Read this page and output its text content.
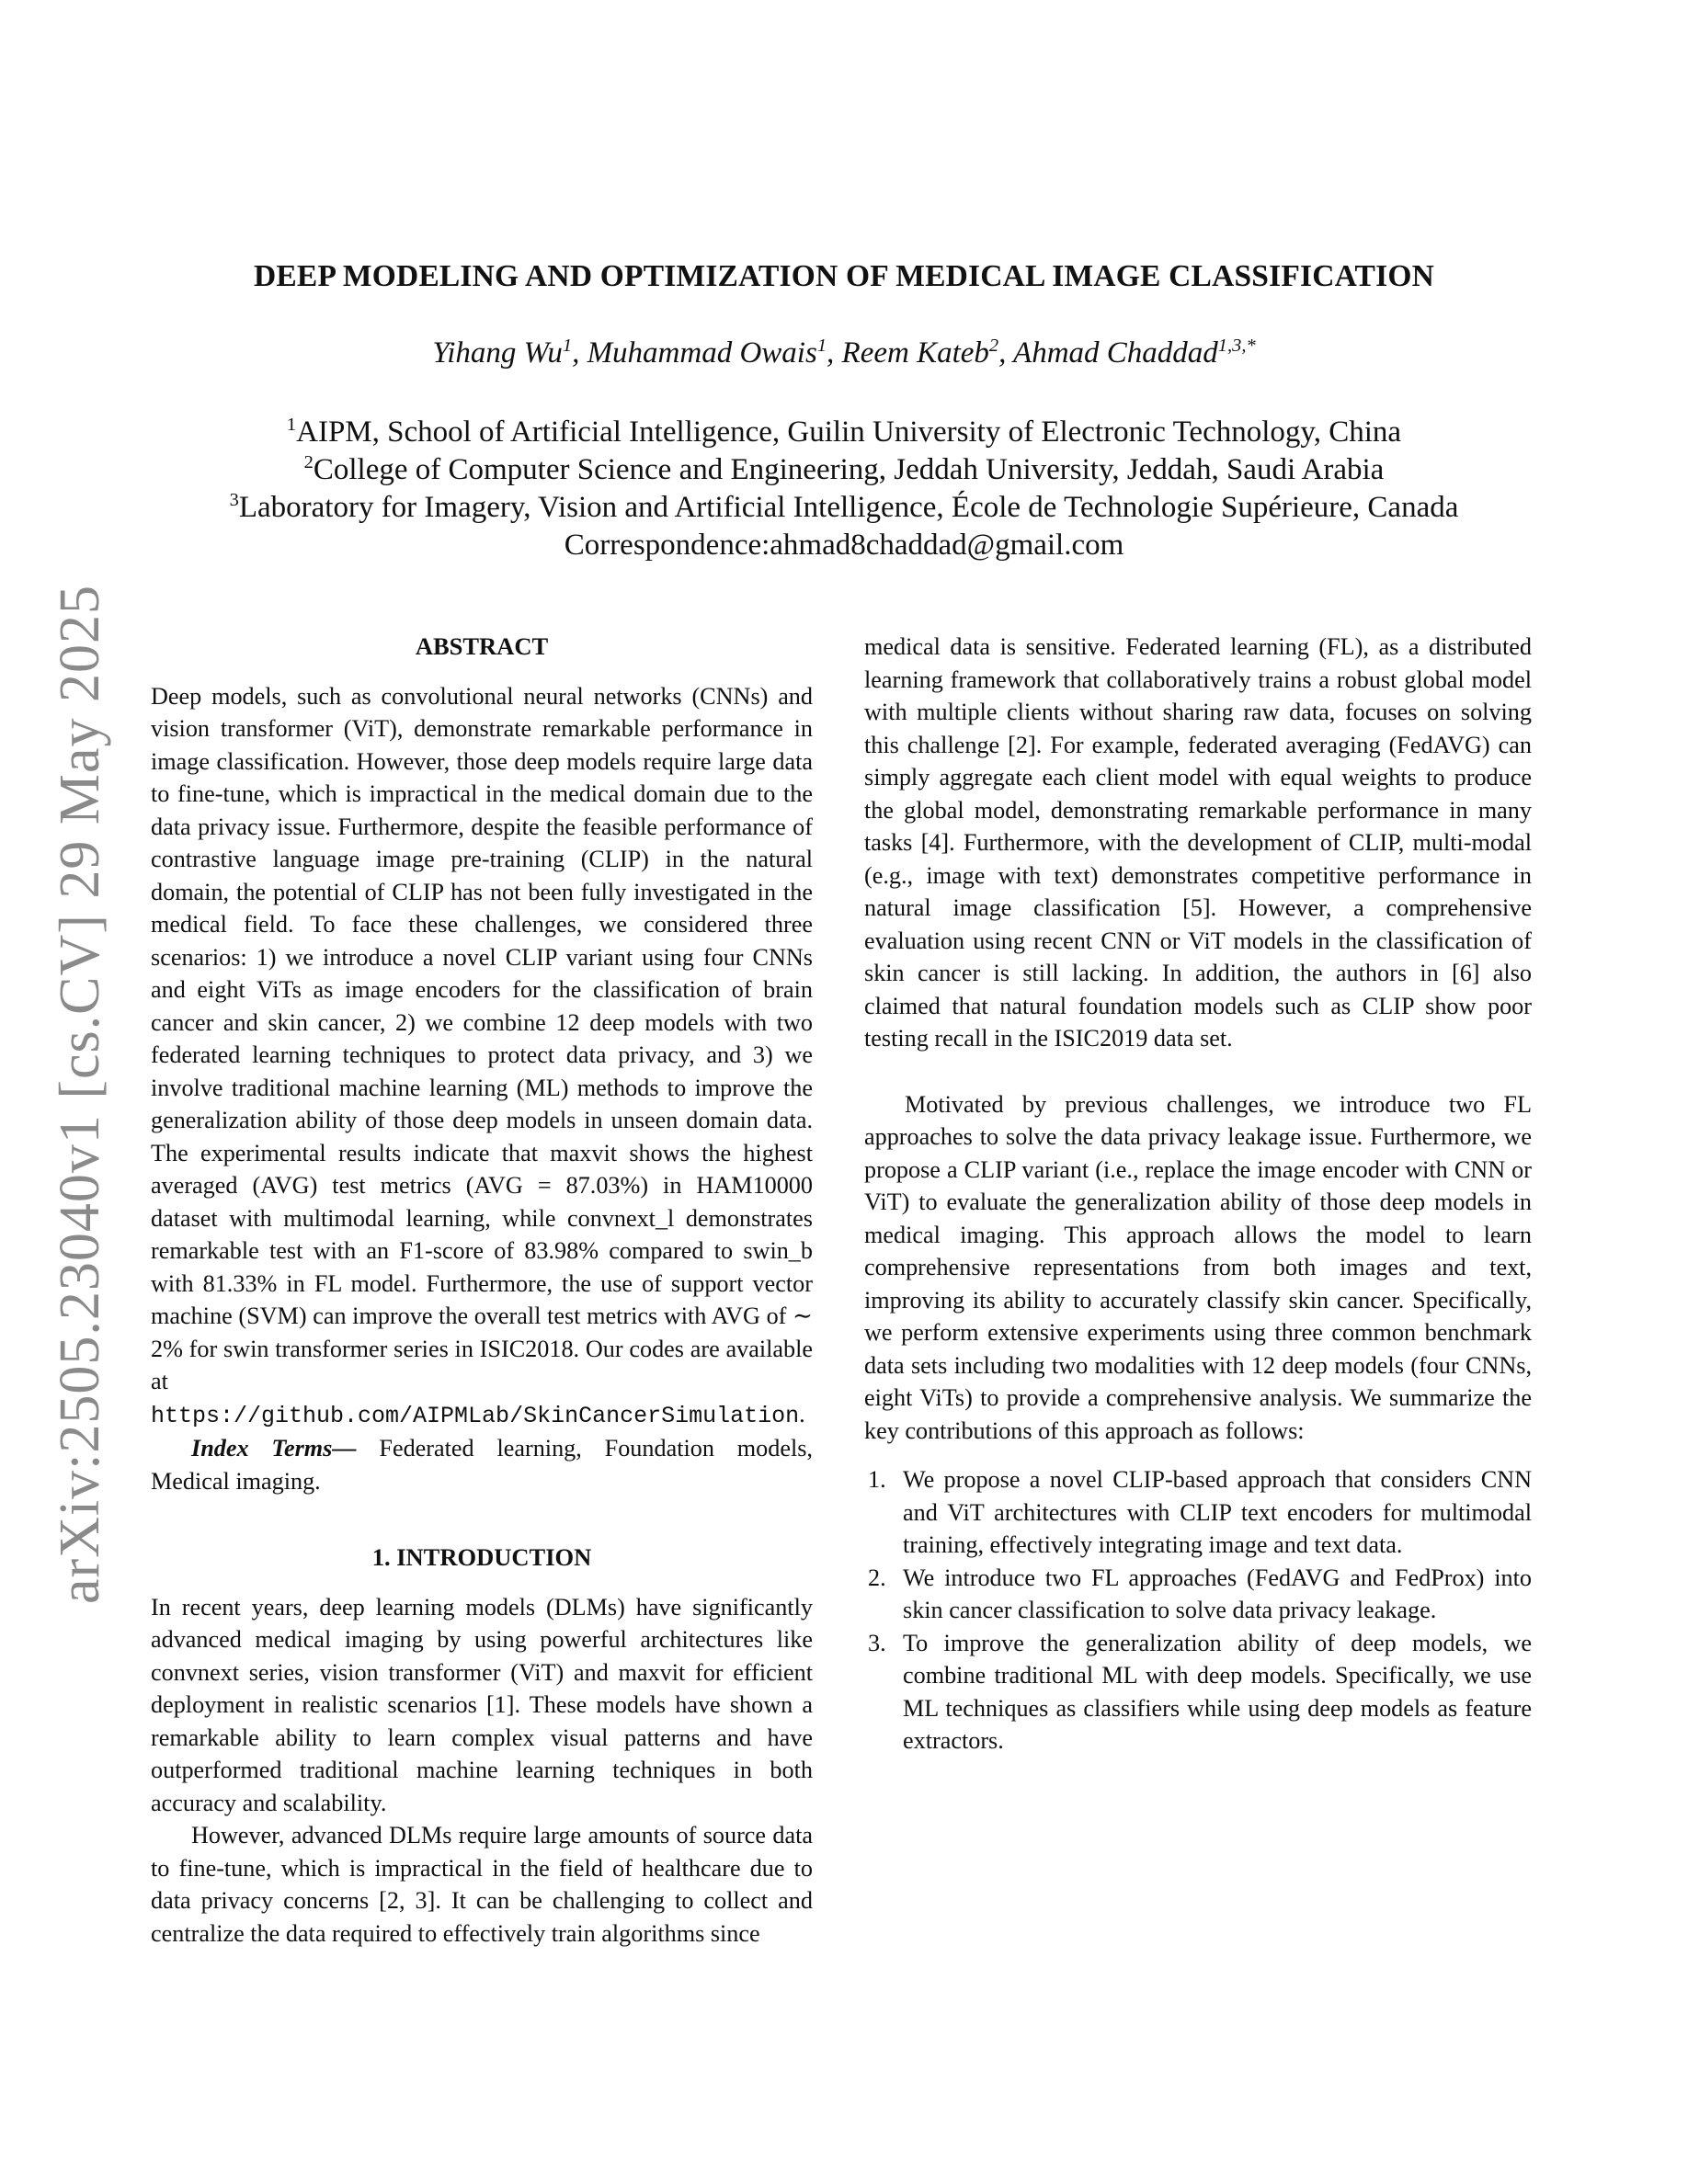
arXiv:2505.23040v1 [cs.CV] 29 May 2025
DEEP MODELING AND OPTIMIZATION OF MEDICAL IMAGE CLASSIFICATION
Yihang Wu$^1$, Muhammad Owais$^1$, Reem Kateb$^2$, Ahmad Chaddad$^{1,3,*}$
$^1$AIPM, School of Artificial Intelligence, Guilin University of Electronic Technology, China
$^2$College of Computer Science and Engineering, Jeddah University, Jeddah, Saudi Arabia
$^3$Laboratory for Imagery, Vision and Artificial Intelligence, École de Technologie Supérieure, Canada
Correspondence:ahmad8chaddad@gmail.com
ABSTRACT

Deep models, such as convolutional neural networks (CNNs) and vision transformer (ViT), demonstrate remarkable performance in image classification. However, those deep models require large data to fine-tune, which is impractical in the medical domain due to the data privacy issue. Furthermore, despite the feasible performance of contrastive language image pre-training (CLIP) in the natural domain, the potential of CLIP has not been fully investigated in the medical field. To face these challenges, we considered three scenarios: 1) we introduce a novel CLIP variant using four CNNs and eight ViTs as image encoders for the classification of brain cancer and skin cancer, 2) we combine 12 deep models with two federated learning techniques to protect data privacy, and 3) we involve traditional machine learning (ML) methods to improve the generalization ability of those deep models in unseen domain data. The experimental results indicate that maxvit shows the highest averaged (AVG) test metrics (AVG = 87.03%) in HAM10000 dataset with multimodal learning, while convnext_l demonstrates remarkable test with an F1-score of 83.98% compared to swin_b with 81.33% in FL model. Furthermore, the use of support vector machine (SVM) can improve the overall test metrics with AVG of ∼ 2% for swin transformer series in ISIC2018. Our codes are available at https://github.com/AIPMLab/SkinCancerSimulation.

Index Terms— Federated learning, Foundation models, Medical imaging.

1. INTRODUCTION

In recent years, deep learning models (DLMs) have significantly advanced medical imaging by using powerful architectures like convnext series, vision transformer (ViT) and maxvit for efficient deployment in realistic scenarios [1]. These models have shown a remarkable ability to learn complex visual patterns and have outperformed traditional machine learning techniques in both accuracy and scalability.

However, advanced DLMs require large amounts of source data to fine-tune, which is impractical in the field of healthcare due to data privacy concerns [2, 3]. It can be challenging to collect and centralize the data required to effectively train algorithms since

medical data is sensitive. Federated learning (FL), as a distributed learning framework that collaboratively trains a robust global model with multiple clients without sharing raw data, focuses on solving this challenge [2]. For example, federated averaging (FedAVG) can simply aggregate each client model with equal weights to produce the global model, demonstrating remarkable performance in many tasks [4]. Furthermore, with the development of CLIP, multi-modal (e.g., image with text) demonstrates competitive performance in natural image classification [5]. However, a comprehensive evaluation using recent CNN or ViT models in the classification of skin cancer is still lacking. In addition, the authors in [6] also claimed that natural foundation models such as CLIP show poor testing recall in the ISIC2019 data set.

Motivated by previous challenges, we introduce two FL approaches to solve the data privacy leakage issue. Furthermore, we propose a CLIP variant (i.e., replace the image encoder with CNN or ViT) to evaluate the generalization ability of those deep models in medical imaging. This approach allows the model to learn comprehensive representations from both images and text, improving its ability to accurately classify skin cancer. Specifically, we perform extensive experiments using three common benchmark data sets including two modalities with 12 deep models (four CNNs, eight ViTs) to provide a comprehensive analysis. We summarize the key contributions of this approach as follows:

1. We propose a novel CLIP-based approach that considers CNN and ViT architectures with CLIP text encoders for multimodal training, effectively integrating image and text data.
2. We introduce two FL approaches (FedAVG and FedProx) into skin cancer classification to solve data privacy leakage.
3. To improve the generalization ability of deep models, we combine traditional ML with deep models. Specifically, we use ML techniques as classifiers while using deep models as feature extractors.
